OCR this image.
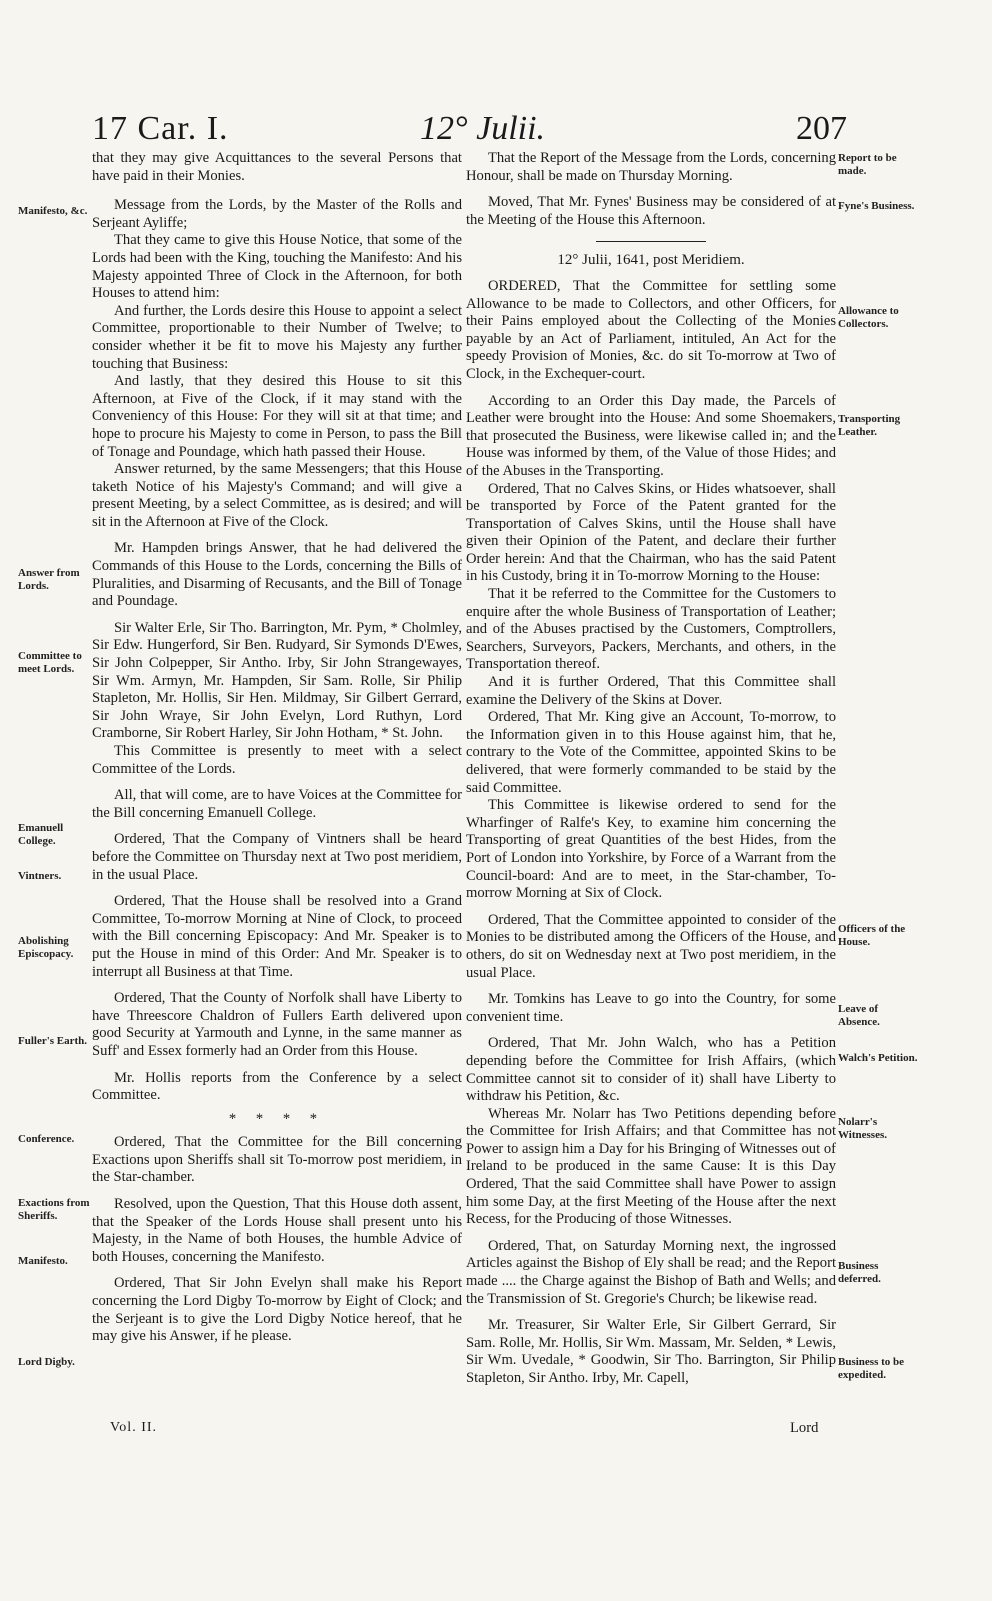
17 Car. I.	12° Julii.	207

that they may give Acquittances to the several Persons that have paid in their Monies.

Message from the Lords, by the Master of the Rolls and Serjeant Ayliffe;

That they came to give this House Notice, that some of the Lords had been with the King, touching the Manifesto: And his Majesty appointed Three of Clock in the Afternoon, for both Houses to attend him:

And further, the Lords desire this House to appoint a select Committee, proportionable to their Number of Twelve; to consider whether it be fit to move his Majesty any further touching that Business:

And lastly, that they desired this House to sit this Afternoon, at Five of the Clock, if it may stand with the Conveniency of this House: For they will sit at that time; and hope to procure his Majesty to come in Person, to pass the Bill of Tonage and Poundage, which hath passed their House.

Answer returned, by the same Messengers; that this House taketh Notice of his Majesty's Command; and will give a present Meeting, by a select Committee, as is desired; and will sit in the Afternoon at Five of the Clock.

Mr. Hampden brings Answer, that he had delivered the Commands of this House to the Lords, concerning the Bills of Pluralities, and Disarming of Recusants, and the Bill of Tonage and Poundage.

Sir Walter Erle, Sir Tho. Barrington, Mr. Pym, * Cholmley, Sir Edw. Hungerford, Sir Ben. Rudyard, Sir Symonds D'Ewes, Sir John Colpepper, Sir Antho. Irby, Sir John Strangewayes, Sir Wm. Armyn, Mr. Hampden, Sir Sam. Rolle, Sir Philip Stapleton, Mr. Hollis, Sir Hen. Mildmay, Sir Gilbert Gerrard, Sir John Wraye, Sir John Evelyn, Lord Ruthyn, Lord Cramborne, Sir Robert Harley, Sir John Hotham, * St. John.

This Committee is presently to meet with a select Committee of the Lords.

All, that will come, are to have Voices at the Committee for the Bill concerning Emanuell College.

Ordered, That the Company of Vintners shall be heard before the Committee on Thursday next at Two post meridiem, in the usual Place.

Ordered, That the House shall be resolved into a Grand Committee, To-morrow Morning at Nine of Clock, to proceed with the Bill concerning Episcopacy: And Mr. Speaker is to put the House in mind of this Order: And Mr. Speaker is to interrupt all Business at that Time.

Ordered, That the County of Norfolk shall have Liberty to have Threescore Chaldron of Fullers Earth delivered upon good Security at Yarmouth and Lynne, in the same manner as Suff' and Essex formerly had an Order from this House.

Mr. Hollis reports from the Conference by a select Committee.

* * * *

Ordered, That the Committee for the Bill concerning Exactions upon Sheriffs shall sit To-morrow post meridiem, in the Star-chamber.

Resolved, upon the Question, That this House doth assent, that the Speaker of the Lords House shall present unto his Majesty, in the Name of both Houses, the humble Advice of both Houses, concerning the Manifesto.

Ordered, That Sir John Evelyn shall make his Report concerning the Lord Digby To-morrow by Eight of Clock; and the Serjeant is to give the Lord Digby Notice hereof, that he may give his Answer, if he please.

Manifesto, &c.
Answer from Lords.
Committee to meet Lords.
Emanuell College.
Vintners.
Abolishing Episcopacy.
Fuller's Earth.
Conference.
Exactions from Sheriffs.
Manifesto.
Lord Digby.

That the Report of the Message from the Lords, concerning Honour, shall be made on Thursday Morning.

Moved, That Mr. Fynes' Business may be considered of at the Meeting of the House this Afternoon.

12° Julii, 1641, post Meridiem.

ORDERED, That the Committee for settling some Allowance to be made to Collectors, and other Officers, for their Pains employed about the Collecting of the Monies payable by an Act of Parliament, intituled, An Act for the speedy Provision of Monies, &c. do sit To-morrow at Two of Clock, in the Exchequer-court.

According to an Order this Day made, the Parcels of Leather were brought into the House: And some Shoemakers, that prosecuted the Business, were likewise called in; and the House was informed by them, of the Value of those Hides; and of the Abuses in the Transporting.

Ordered, That no Calves Skins, or Hides whatsoever, shall be transported by Force of the Patent granted for the Transportation of Calves Skins, until the House shall have given their Opinion of the Patent, and declare their further Order herein: And that the Chairman, who has the said Patent in his Custody, bring it in To-morrow Morning to the House:

That it be referred to the Committee for the Customers to enquire after the whole Business of Transportation of Leather; and of the Abuses practised by the Customers, Comptrollers, Searchers, Surveyors, Packers, Merchants, and others, in the Transportation thereof.

And it is further Ordered, That this Committee shall examine the Delivery of the Skins at Dover.

Ordered, That Mr. King give an Account, To-morrow, to the Information given in to this House against him, that he, contrary to the Vote of the Committee, appointed Skins to be delivered, that were formerly commanded to be staid by the said Committee.

This Committee is likewise ordered to send for the Wharfinger of Ralfe's Key, to examine him concerning the Transporting of great Quantities of the best Hides, from the Port of London into Yorkshire, by Force of a Warrant from the Council-board: And are to meet, in the Star-chamber, To-morrow Morning at Six of Clock.

Ordered, That the Committee appointed to consider of the Monies to be distributed among the Officers of the House, and others, do sit on Wednesday next at Two post meridiem, in the usual Place.

Mr. Tomkins has Leave to go into the Country, for some convenient time.

Ordered, That Mr. John Walch, who has a Petition depending before the Committee for Irish Affairs, (which Committee cannot sit to consider of it) shall have Liberty to withdraw his Petition, &c.

Whereas Mr. Nolarr has Two Petitions depending before the Committee for Irish Affairs; and that Committee has not Power to assign him a Day for his Bringing of Witnesses out of Ireland to be produced in the same Cause: It is this Day Ordered, That the said Committee shall have Power to assign him some Day, at the first Meeting of the House after the next Recess, for the Producing of those Witnesses.

Ordered, That, on Saturday Morning next, the ingrossed Articles against the Bishop of Ely shall be read; and the Report made .... the Charge against the Bishop of Bath and Wells; and the Transmission of St. Gregorie's Church; be likewise read.

Mr. Treasurer, Sir Walter Erle, Sir Gilbert Gerrard, Sir Sam. Rolle, Mr. Hollis, Sir Wm. Massam, Mr. Selden, * Lewis, Sir Wm. Uvedale, * Goodwin, Sir Tho. Barrington, Sir Philip Stapleton, Sir Antho. Irby, Mr. Capell,

Report to be made.
Fyne's Business.
Allowance to Collectors.
Transporting Leather.
Officers of the House.
Leave of Absence.
Walch's Petition.
Nolarr's Witnesses.
Business deferred.
Business to be expedited.
Vol. II.	Lord
